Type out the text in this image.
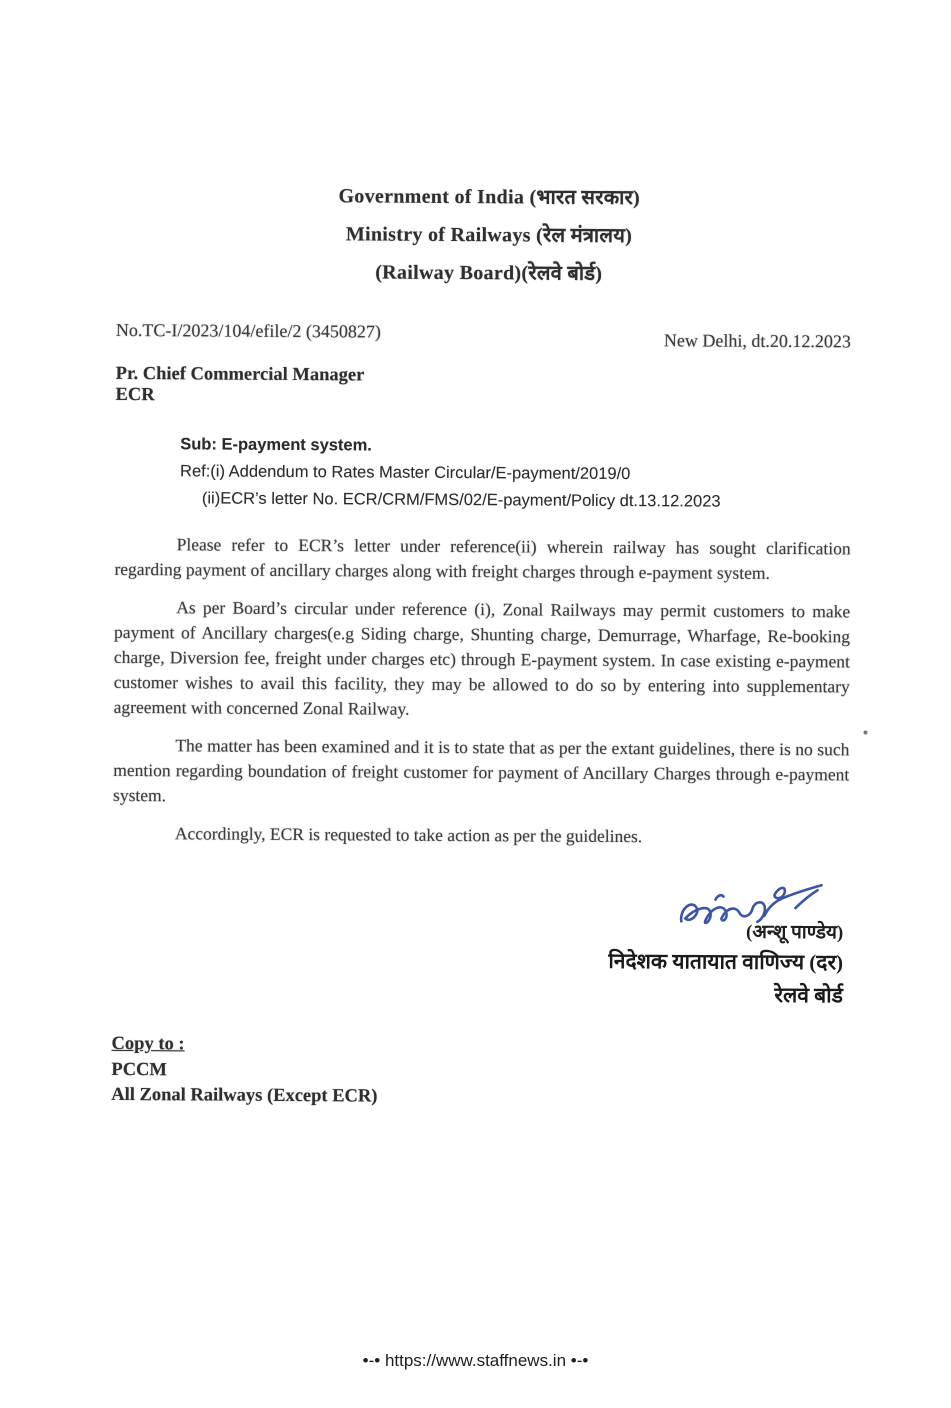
Government of India (भारत सरकार)
Ministry of Railways (रेल मंत्रालय)
(Railway Board)(रेलवे बोर्ड)
No.TC-I/2023/104/efile/2 (3450827)	New Delhi, dt.20.12.2023
Pr. Chief Commercial Manager
ECR
Sub: E-payment system.
Ref:(i) Addendum to Rates Master Circular/E-payment/2019/0
(ii)ECR’s letter No. ECR/CRM/FMS/02/E-payment/Policy dt.13.12.2023

Please refer to ECR’s letter under reference(ii) wherein railway has sought clarification regarding payment of ancillary charges along with freight charges through e-payment system.

As per Board’s circular under reference (i), Zonal Railways may permit customers to make payment of Ancillary charges(e.g Siding charge, Shunting charge, Demurrage, Wharfage, Re-booking charge, Diversion fee, freight under charges etc) through E-payment system. In case existing e-payment customer wishes to avail this facility, they may be allowed to do so by entering into supplementary agreement with concerned Zonal Railway.

The matter has been examined and it is to state that as per the extant guidelines, there is no such mention regarding boundation of freight customer for payment of Ancillary Charges through e-payment system.

Accordingly, ECR is requested to take action as per the guidelines.

(अन्शू पाण्डेय)
निदेशक यातायात वाणिज्य (दर)
रेलवे बोर्ड
Copy to :
PCCM
All Zonal Railways (Except ECR)
•-• https://www.staffnews.in •-•
